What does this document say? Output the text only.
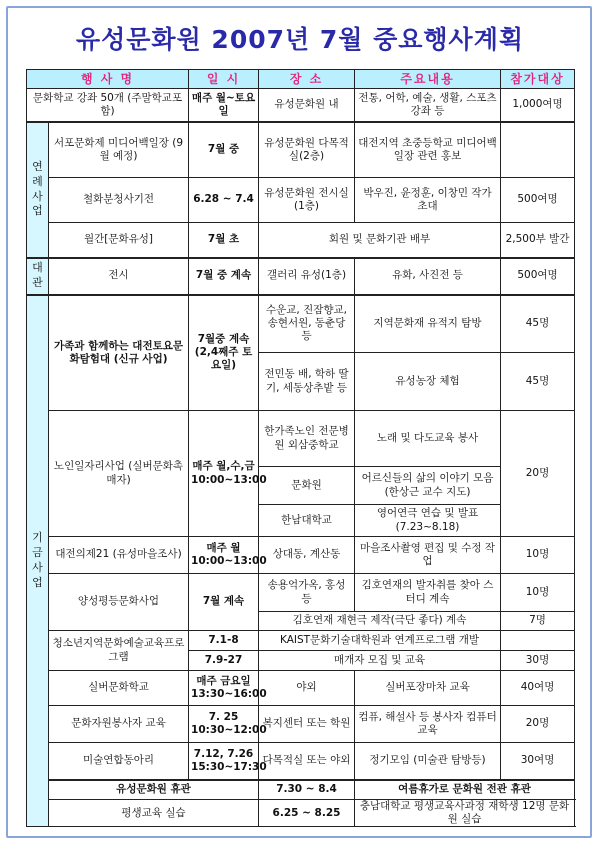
유성문화원 2007년 7월 중요행사계획
행 사 명		일 시	장 소	주요내용	참가대상
문화학교 강좌 50개 (주말학교포함)		매주 월~토요일	유성문화원 내	전통, 어학, 예술, 생활, 스포츠강좌 등	1,000여명
연례사업	서포문화제 미디어백일장 (9월 예정)	7월 중	유성문화원 다목적실(2층)	대전지역 초중등학교 미디어백일장 관련 홍보	
	철화분청사기전	6.28 ~ 7.4	유성문화원 전시실(1층)	박우진, 윤정훈, 이창민 작가 초대	500여명
	월간[문화유성]	7월 초	회원 및 문화기관 배부		2,500부 발간
대관	전시	7월 중 계속	갤러리 유성(1층)	유화, 사진전 등	500여명
기금사업	가족과 함께하는 대전토요문화탐험대 (신규 사업)	7월중 계속 (2,4째주 토요일)	수운교, 진잠향교, 송현서원, 동춘당 등	지역문화재 유적지 탐방	45명
			전민동 배, 학하 딸기, 세동상추밭 등	유성농장 체험	45명
	노인일자리사업 (실버문화촉매자)	매주 월,수,금 10:00~13:00	한가족노인 전문병원 외삼중학교	노래 및 다도교육 봉사	20명
			문화원	어르신들의 삶의 이야기 모음(한상근 교수 지도)	
			한남대학교	영어연극 연습 및 발표 (7.23~8.18)	
	대전의제21 (유성마을조사)	매주 월 10:00~13:00	상대동, 계산동	마을조사촬영 편집 및 수정 작업	10명
	양성평등문화사업	7월 계속	송용억가옥, 홍성 등	김호연재의 발자취를 찾아 스터디 계속	10명
			김호연재 재현극 제작(극단 좋다) 계속		7명
	청소년지역문화예술교육프로그램	7.1-8	KAIST문화기술대학원과 연계프로그램 개발		
		7.9-27	매개자 모집 및 교육		30명
	실버문화학교	매주 금요일 13:30~16:00	야외	실버포장마차 교육	40여명
	문화자원봉사자 교육	7. 25 10:30~12:00	복지센터 또는 학원	컴퓨, 해설사 등 봉사자 컴퓨터 교육	20명
	미술연합동아리	7.12, 7.26 15:30~17:30	다목적실 또는 야외	정기모임 (미술관 탐방등)	30여명
	유성문화원 휴관		7.30 ~ 8.4	여름휴가로 문화원 전관 휴관	
	평생교육 실습		6.25 ~ 8.25	충남대학교 평생교육사과정 재학생 12명 문화원 실습	
